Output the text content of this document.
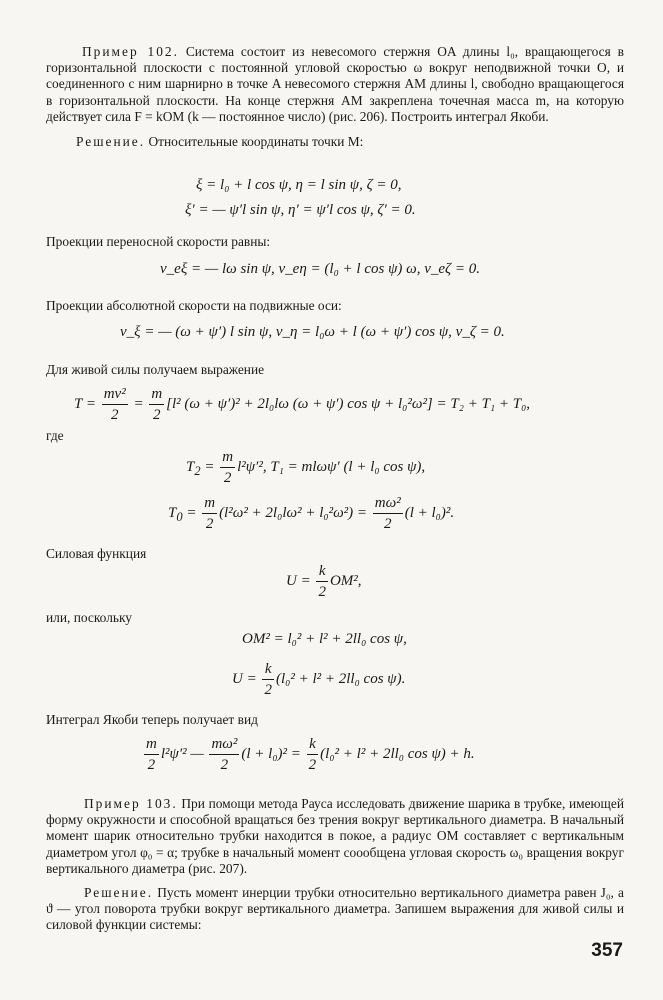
Пример 102. Система состоит из невесомого стержня OA длины l₀, вращающегося в горизонтальной плоскости с постоянной угловой скоростью ω вокруг неподвижной точки O, и соединенного с ним шарнирно в точке A невесомого стержня AM длины l, свободно вращающегося в горизонтальной плоскости. На конце стержня AM закреплена точечная масса m, на которую действует сила F = kOM (k — постоянное число) (рис. 206). Построить интеграл Якоби.

Решение. Относительные координаты точки M:

ξ = l₀ + l cos ψ, η = l sin ψ, ζ = 0,

ξ′ = — ψ′l sin ψ, η′ = ψ′l cos ψ, ζ′ = 0.

Проекции переносной скорости равны:

v_eξ = — lω sin ψ, v_eη = (l₀ + l cos ψ) ω, v_eζ = 0.

Проекции абсолютной скорости на подвижные оси:

v_ξ = — (ω + ψ′) l sin ψ, v_η = l₀ω + l (ω + ψ′) cos ψ, v_ζ = 0.

Для живой силы получаем выражение

$T = \frac{\text{mv²}}{2} = \frac{m}{2} [l^2$ (ω + ψ′)² + 2l₀lω (ω + ψ′) cos ψ + l₀²ω²] = T₂ + T₁ + T₀,

где

$T_2 = \frac{m}{2} l^2\psi'^2$, T₁ = mlωψ′ (l + l₀ cos ψ),
$T_0 = \frac{m}{2} (l^2\omega^2 + 2l_0l\omega^2 + l_0^2\omega^2) = \frac{\text{mω²}}{2} (l + l_0)^2$.

Силовая функция

$U = \frac{k}{2} OM^2$,

или, поскольку

OM² = l₀² + l² + 2ll₀ cos ψ,

$U = \frac{k}{2} (l_0^2 + l^2 + 2ll_0$ cos ψ).

Интеграл Якоби теперь получает вид

$\frac{m}{2} l^2\psi'^2$ — $\frac{\text{mω²}}{2} (l + l_0)^2 = \frac{k}{2} (l_0^2 + l^2 + 2ll_0$ cos ψ) + h.

Пример 103. При помощи метода Рауса исследовать движение шарика в трубке, имеющей форму окружности и способной вращаться без трения вокруг вертикального диаметра. В начальный момент шарик относительно трубки находится в покое, а радиус OM составляет с вертикальным диаметром угол φ₀ = α; трубке в начальный момент соообщена угловая скорость ω₀ вращения вокруг вертикального диаметра (рис. 207).

Решение. Пусть момент инерции трубки относительно вертикального диаметра равен J₀, а ϑ — угол поворота трубки вокруг вертикального диаметра. Запишем выражения для живой силы и силовой функции системы:

357
